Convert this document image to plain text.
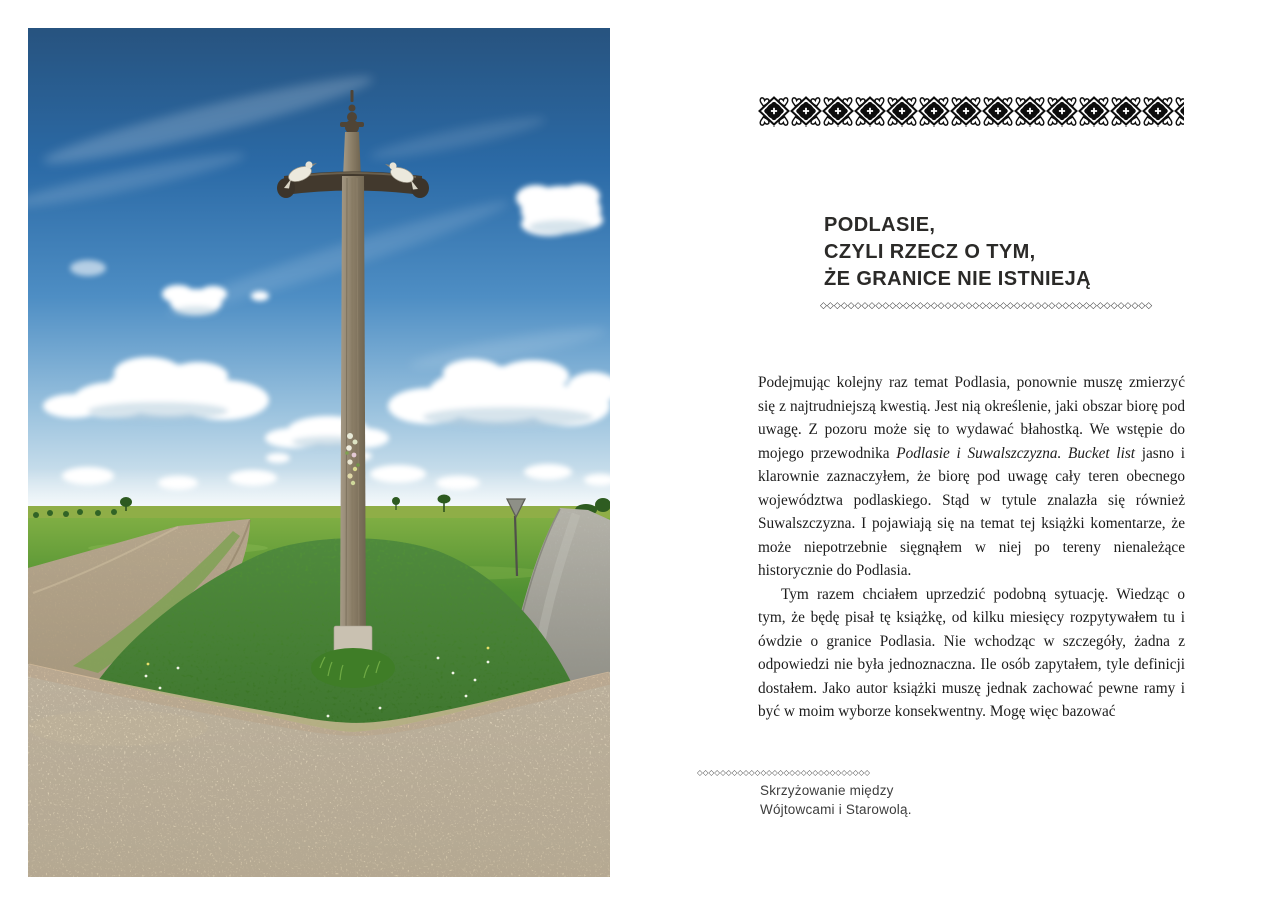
PODLASIE,
CZYLI RZECZ O TYM,
ŻE GRANICE NIE ISTNIEJĄ
◇◇◇◇◇◇◇◇◇◇◇◇◇◇◇◇◇◇◇◇◇◇◇◇◇◇◇◇◇◇◇◇◇◇◇◇◇◇◇◇◇◇◇◇◇◇◇◇

Podejmując kolejny raz temat Podlasia, ponownie muszę zmierzyć się z najtrudniejszą kwestią. Jest nią określenie, jaki obszar biorę pod uwagę. Z pozoru może się to wydawać błahostką. We wstępie do mojego przewodnika Podlasie i Suwalszczyzna. Bucket list jasno i klarownie zaznaczyłem, że biorę pod uwagę cały teren obecnego województwa podlaskiego. Stąd w tytule znalazła się również Suwalszczyzna. I pojawiają się na temat tej książki komentarze, że może niepotrzebnie sięgnąłem w niej po tereny nienależące historycznie do Podlasia.

Tym razem chciałem uprzedzić podobną sytuację. Wiedząc o tym, że będę pisał tę książkę, od kilku miesięcy rozpytywałem tu i ówdzie o granice Podlasia. Nie wchodząc w szczegóły, żadna z odpowiedzi nie była jednoznaczna. Ile osób zapytałem, tyle definicji dostałem. Jako autor książki muszę jednak zachować pewne ramy i być w moim wyborze konsekwentny. Mogę więc bazować

◇◇◇◇◇◇◇◇◇◇◇◇◇◇◇◇◇◇◇◇◇◇◇◇◇◇◇◇◇◇
Skrzyżowanie między
Wójtowcami i Starowolą.
